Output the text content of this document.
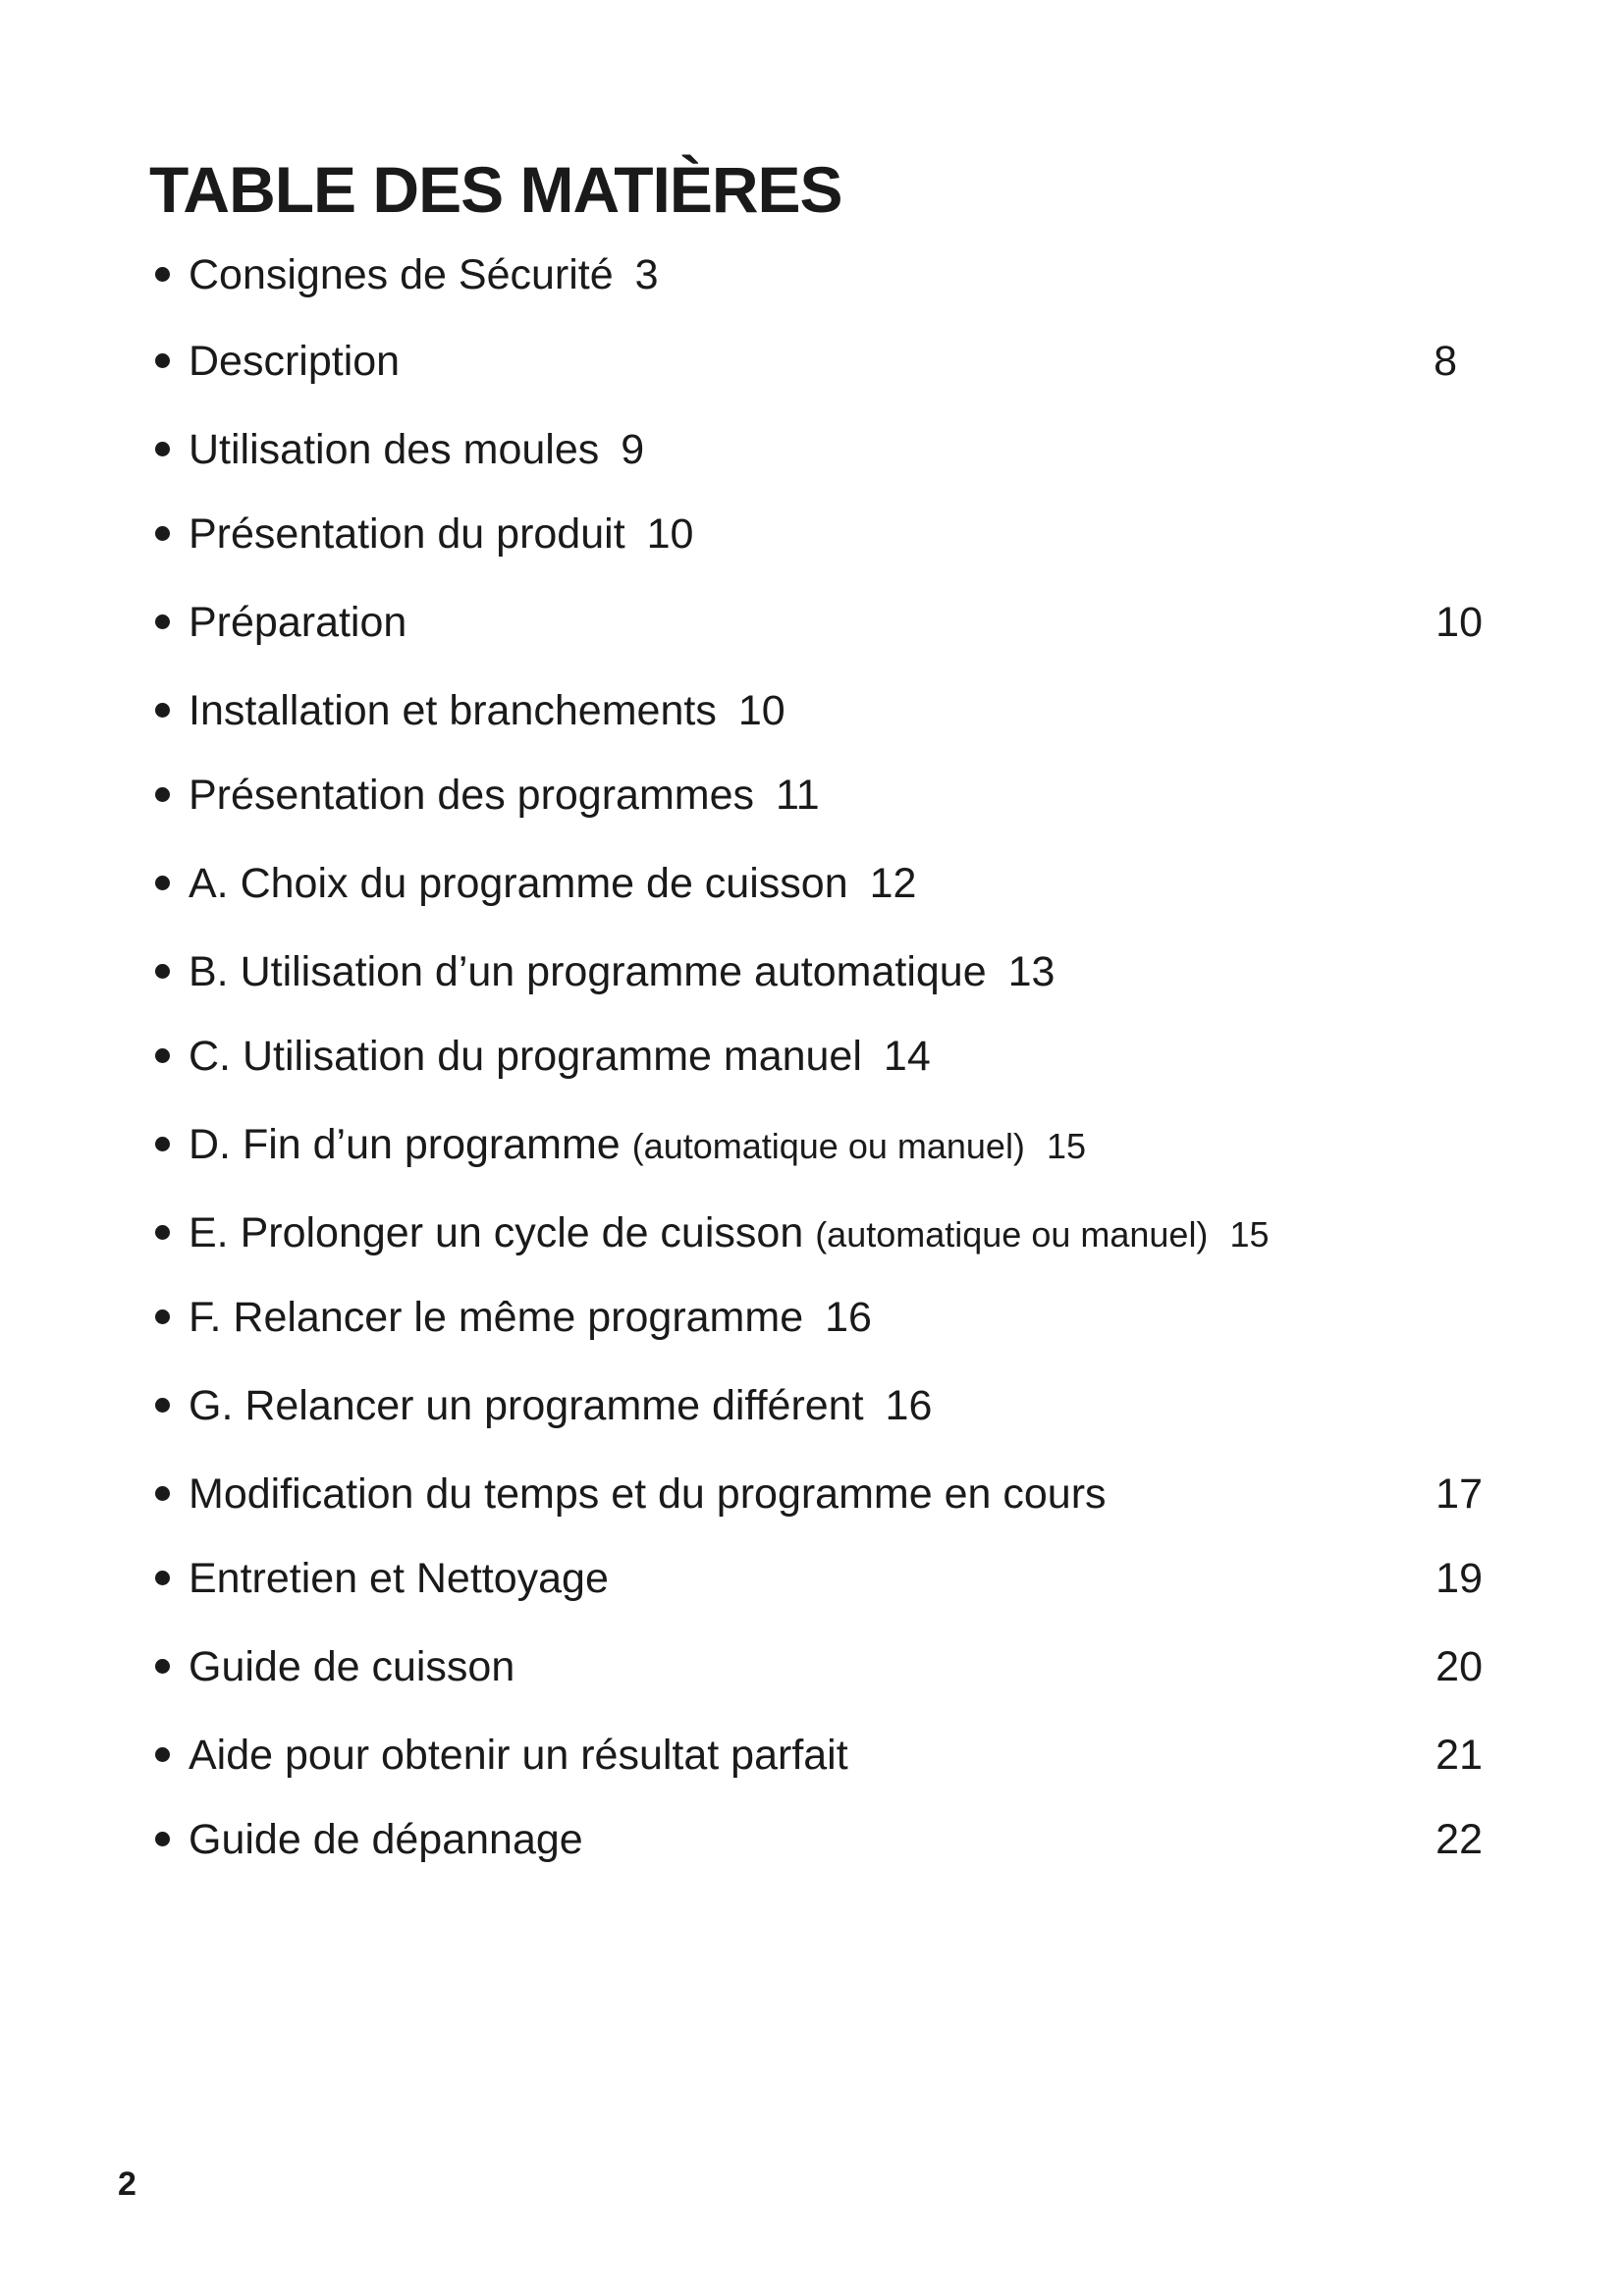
TABLE DES MATIÈRES
Consignes de Sécurité 3
Description	8
Utilisation des moules 9
Présentation du produit 10
Préparation	10
Installation et branchements 10
Présentation des programmes 11
A. Choix du programme de cuisson 12
B. Utilisation d’un programme automatique 13
C. Utilisation du programme manuel 14
D. Fin d’un programme (automatique ou manuel) 15
E. Prolonger un cycle de cuisson (automatique ou manuel) 15
F. Relancer le même programme 16
G. Relancer un programme différent 16
Modification du temps et du programme en cours	17
Entretien et Nettoyage	19
Guide de cuisson	20
Aide pour obtenir un résultat parfait	21
Guide de dépannage	22
2
